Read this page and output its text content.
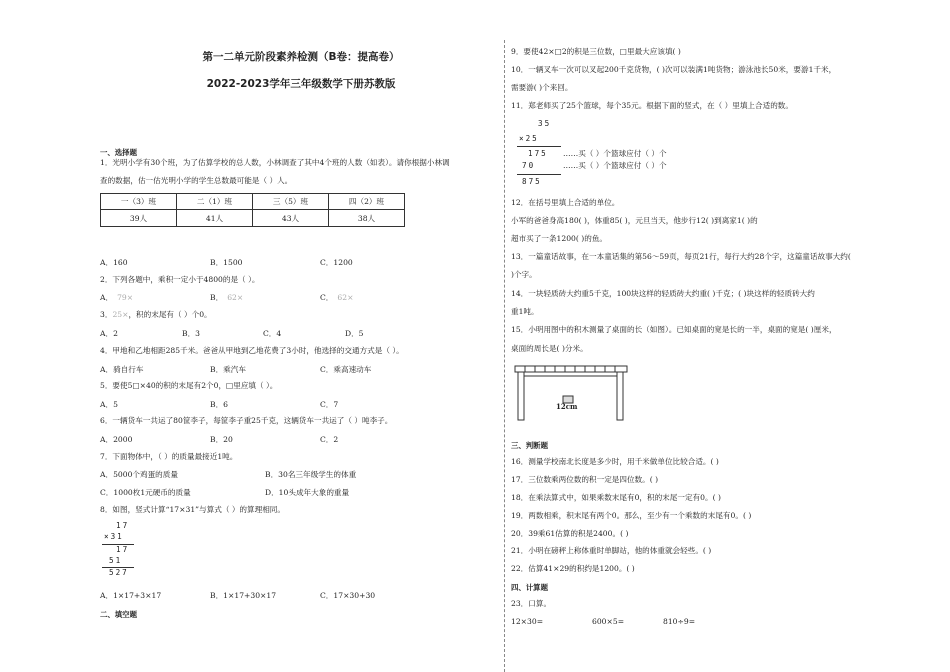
第一二单元阶段素养检测（B卷：提高卷）
2022-2023学年三年级数学下册苏教版
一、选择题
1．光明小学有30个班，为了估算学校的总人数，小林调查了其中4个班的人数（如表）。请你根据小林调
查的数据，估一估光明小学的学生总数最可能是（ ）人。
一（3）班	二（1）班	三（5）班	四（2）班
39人	41人	43人	38人
A．160	B．1500	C．1200
2．下列各题中，乘积一定小于4800的是（ ）。
A． 79×	B． 62×	C． 62×
3．25×，积的末尾有（ ）个0。
A．2	B．3	C．4	D．5
4．甲地和乙地相距285千米。爸爸从甲地到乙地花费了3小时，他选择的交通方式是（ ）。
A．骑自行车	B．乘汽车	C．乘高速动车
5．要使5□×40的积的末尾有2个0，□里应填（ ）。
A．5	B．6	C．7
6．一辆货车一共运了80筐李子，每筐李子重25千克，这辆货车一共运了（ ）吨李子。
A．2000	B．20	C．2
7．下面物体中，（ ）的质量最接近1吨。
A．5000个鸡蛋的质量	B．30名三年级学生的体重
C．1000枚1元硬币的质量	D．10头成年大象的重量
8．如图，竖式计算“17×31”与算式（ ）的算理相同。
17
×31
17
51
527
A．1×17+3×17	B．1×17+30×17	C．17×30+30
二、填空题
9．要使42×□2的积是三位数，□里最大应该填( )
10．一辆叉车一次可以叉起200千克货物，( )次可以装满1吨货物；游泳池长50米，要游1千米，
需要游( )个来回。
11．郑老师买了25个篮球，每个35元。根据下面的竖式，在（ ）里填上合适的数。
35
×25
175 ……买（ ）个篮球应付（ ）个
70	……买（ ）个篮球应付（ ）个
875
12．在括号里填上合适的单位。
小军的爸爸身高180( )，体重85( )，元旦当天，他步行12( )到离家1( )的
超市买了一条1200( )的鱼。
13．一篇童话故事，在一本童话集的第56～59页，每页21行，每行大约28个字，这篇童话故事大约(
)个字。
14．一块轻质砖大约重5千克，100块这样的轻质砖大约重( )千克；( )块这样的轻质砖大约
重1吨。
15．小明用图中的积木测量了桌面的长（如图）。已知桌面的宽是长的一半，桌面的宽是( )厘米，
桌面的周长是( )分米。
12cm
三、判断题
16．测量学校南北长度是多少时，用千米做单位比较合适。( )
17．三位数乘两位数的积一定是四位数。( )
18．在乘法算式中，如果乘数末尾有0，积的末尾一定有0。( )
19．两数相乘，积末尾有两个0。那么，至少有一个乘数的末尾有0。( )
20．39乘61估算的积是2400。( )
21．小明在磅秤上称体重时单脚站，他的体重就会轻些。( )
22．估算41×29的积约是1200。( )
四、计算题
23．口算。
12×30=	600×5=	810÷9=
